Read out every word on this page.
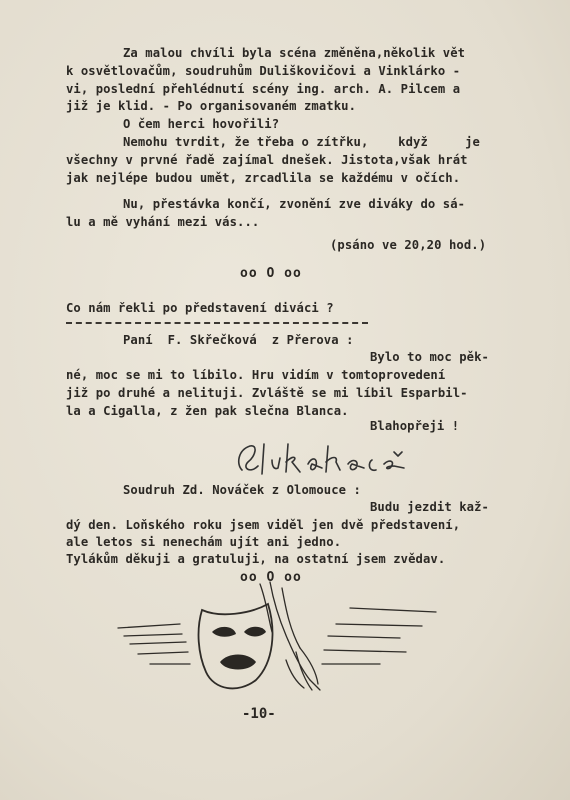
Za malou chvíli byla scéna změněna,několik vět
k osvětlovačům, soudruhům Duliškovičovi a Vinklárko -
vi, poslední přehlédnutí scény ing. arch. A. Pilcem a
již je klid. - Po organisovaném zmatku.
O čem herci hovořili?
Nemohu tvrdit, že třeba o zítřku,    když     je
všechny v prvné řadě zajímal dnešek. Jistota,však hrát
jak nejlépe budou umět, zrcadlila se každému v očích.
Nu, přestávka končí, zvonění zve diváky do sá-
lu a mě vyhání mezi vás...
(psáno ve 20,20 hod.)
oo O oo
Co nám řekli po představení diváci ?
Paní  F. Skřečková  z Přerova :
Bylo to moc pěk-
né, moc se mi to líbilo. Hru vidím v tomtoprovedení
již po druhé a nelituji. Zvláště se mi líbil Esparbil-
la a Cigalla, z žen pak slečna Blanca.
Blahopřeji !
Soudruh Zd. Nováček z Olomouce :
Budu jezdit kaž-
dý den. Loňského roku jsem viděl jen dvě představení,
ale letos si nenechám ujít ani jedno.
Tylákům děkuji a gratuluji, na ostatní jsem zvědav.
oo O oo
-10-
